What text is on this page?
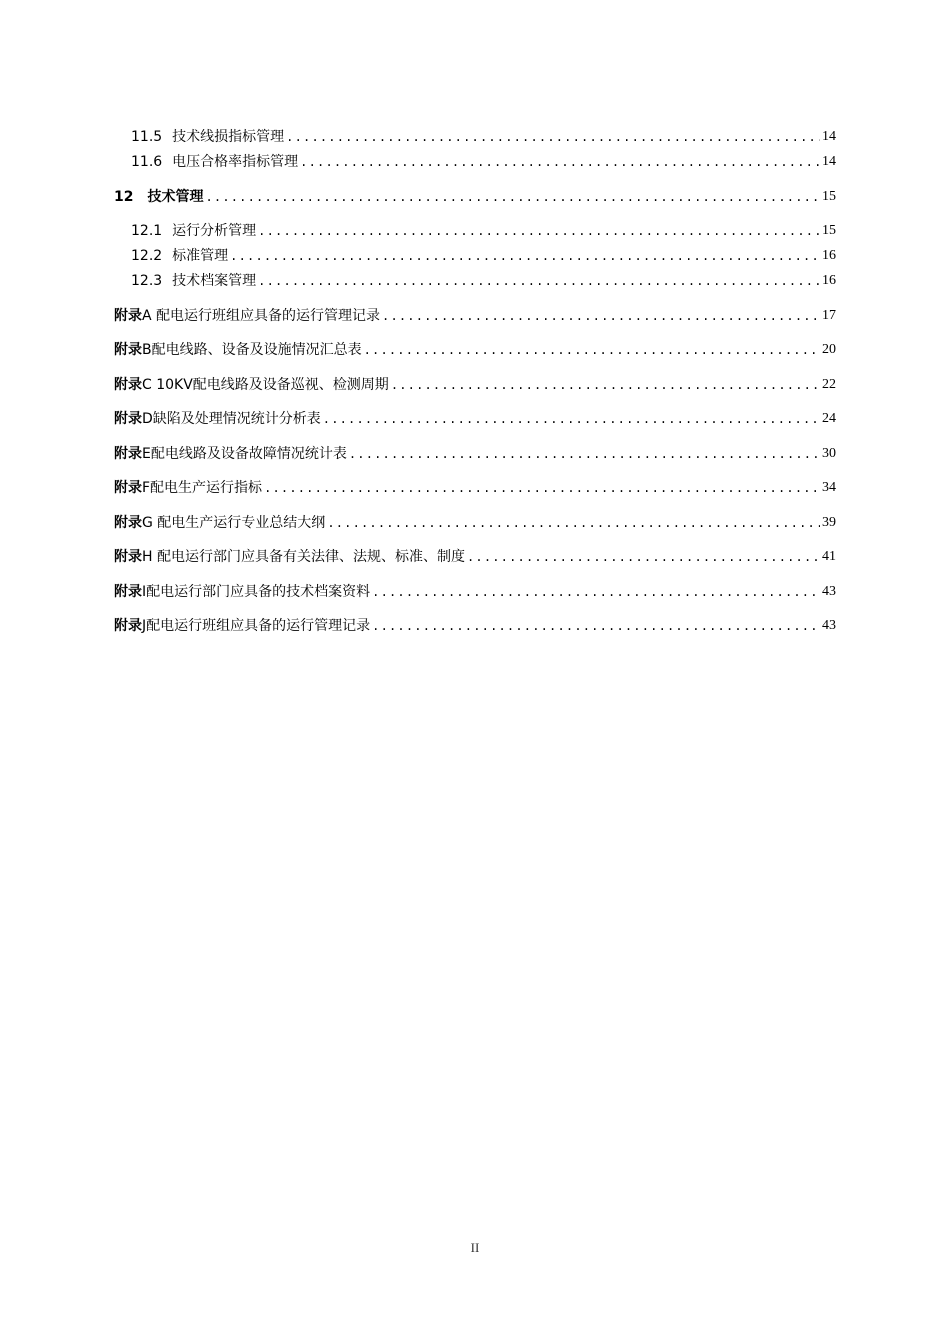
11.5 技术线损指标管理 .....	14
11.6 电压合格率指标管理 .....	14
12 技术管理 .....	15
12.1 运行分析管理 .....	15
12.2 标准管理 .....	16
12.3 技术档案管理 .....	16
附录 A 配电运行班组应具备的运行管理记录 .....	17
附录 B配电线路、设备及设施情况汇总表 .....	20
附录 C 10KV配电线路及设备巡视、检测周期 .....	22
附录 D缺陷及处理情况统计分析表 .....	24
附录 E配电线路及设备故障情况统计表 .....	30
附录 F配电生产运行指标 .....	34
附录 G 配电生产运行专业总结大纲 .....	39
附录 H 配电运行部门应具备有关法律、法规、标准、制度 .....	41
附录 I配电运行部门应具备的技术档案资料 .....	43
附录 J配电运行班组应具备的运行管理记录 .....	43
II
